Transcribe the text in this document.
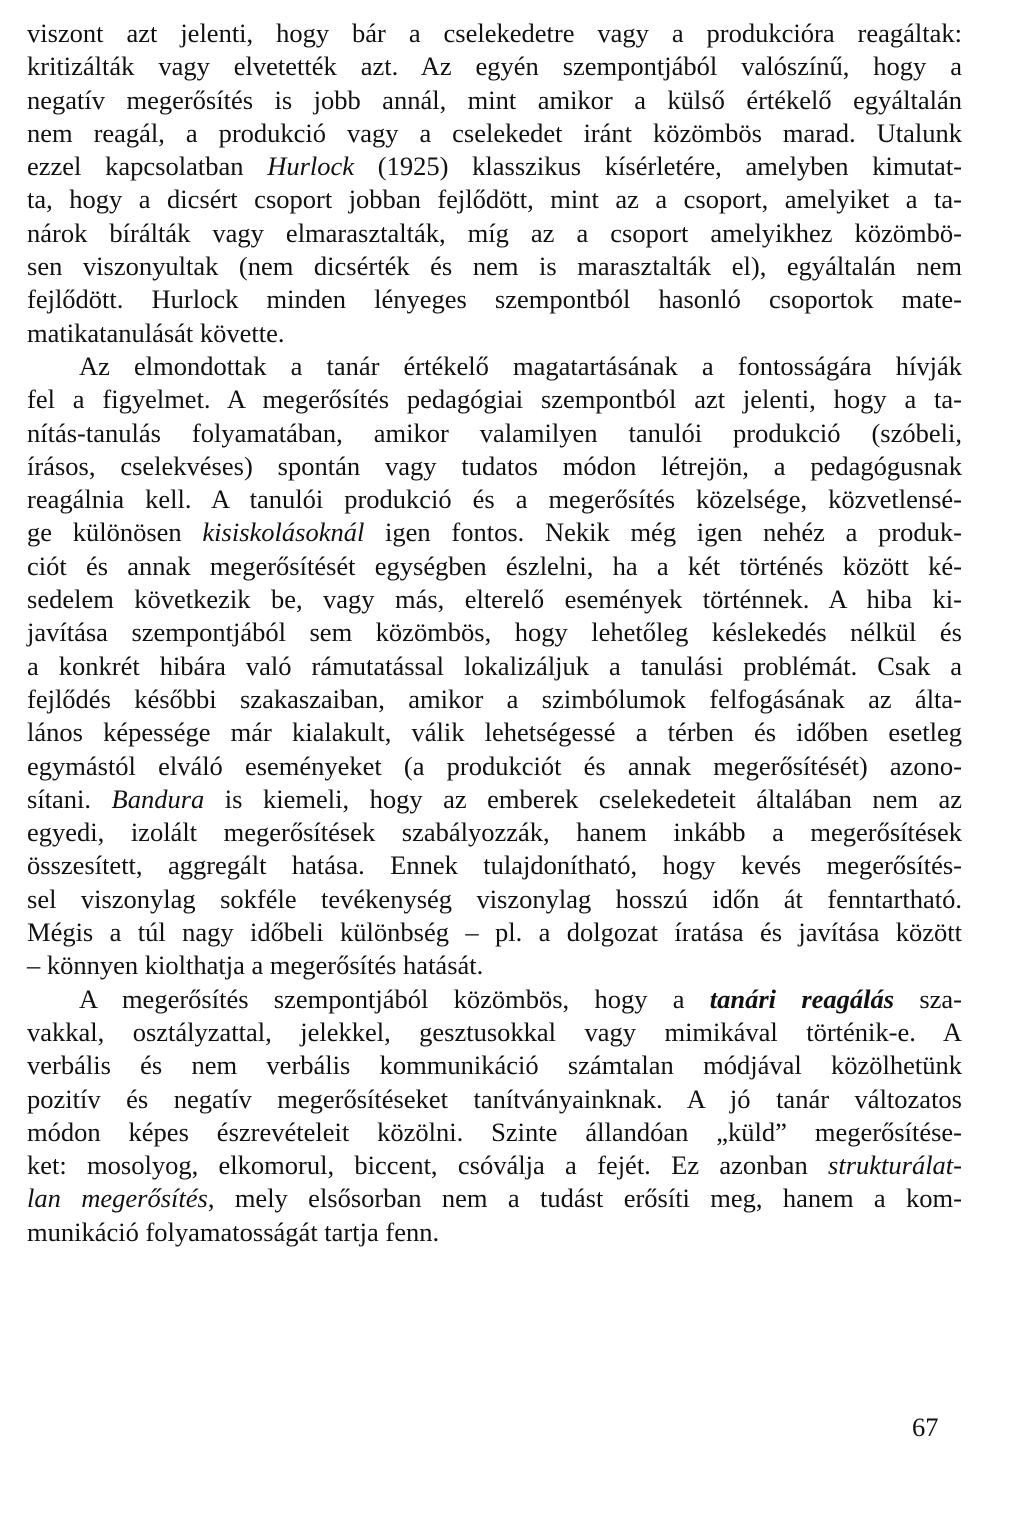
viszont azt jelenti, hogy bár a cselekedetre vagy a produkcióra reagáltak:
kritizálták vagy elvetették azt. Az egyén szempontjából valószínű, hogy a
negatív megerősítés is jobb annál, mint amikor a külső értékelő egyáltalán
nem reagál, a produkció vagy a cselekedet iránt közömbös marad. Utalunk
ezzel kapcsolatban Hurlock (1925) klasszikus kísérletére, amelyben kimutat-
ta, hogy a dicsért csoport jobban fejlődött, mint az a csoport, amelyiket a ta-
nárok bírálták vagy elmarasztalták, míg az a csoport amelyikhez közömbö-
sen viszonyultak (nem dicsérték és nem is marasztalták el), egyáltalán nem
fejlődött. Hurlock minden lényeges szempontból hasonló csoportok mate-
matikatanulását követte.
Az elmondottak a tanár értékelő magatartásának a fontosságára hívják
fel a figyelmet. A megerősítés pedagógiai szempontból azt jelenti, hogy a ta-
nítás-tanulás folyamatában, amikor valamilyen tanulói produkció (szóbeli,
írásos, cselekvéses) spontán vagy tudatos módon létrejön, a pedagógusnak
reagálnia kell. A tanulói produkció és a megerősítés közelsége, közvetlensé-
ge különösen kisiskolásoknál igen fontos. Nekik még igen nehéz a produk-
ciót és annak megerősítését egységben észlelni, ha a két történés között ké-
sedelem következik be, vagy más, elterelő események történnek. A hiba ki-
javítása szempontjából sem közömbös, hogy lehetőleg késlekedés nélkül és
a konkrét hibára való rámutatással lokalizáljuk a tanulási problémát. Csak a
fejlődés későbbi szakaszaiban, amikor a szimbólumok felfogásának az álta-
lános képessége már kialakult, válik lehetségessé a térben és időben esetleg
egymástól elváló eseményeket (a produkciót és annak megerősítését) azono-
sítani. Bandura is kiemeli, hogy az emberek cselekedeteit általában nem az
egyedi, izolált megerősítések szabályozzák, hanem inkább a megerősítések
összesített, aggregált hatása. Ennek tulajdonítható, hogy kevés megerősítés-
sel viszonylag sokféle tevékenység viszonylag hosszú időn át fenntartható.
Mégis a túl nagy időbeli különbség – pl. a dolgozat íratása és javítása között
– könnyen kiolthatja a megerősítés hatását.
A megerősítés szempontjából közömbös, hogy a tanári reagálás sza-
vakkal, osztályzattal, jelekkel, gesztusokkal vagy mimikával történik-e. A
verbális és nem verbális kommunikáció számtalan módjával közölhetünk
pozitív és negatív megerősítéseket tanítványainknak. A jó tanár változatos
módon képes észrevételeit közölni. Szinte állandóan „küld” megerősítése-
ket: mosolyog, elkomorul, biccent, csóválja a fejét. Ez azonban strukturálat-
lan megerősítés, mely elsősorban nem a tudást erősíti meg, hanem a kom-
munikáció folyamatosságát tartja fenn.
67
